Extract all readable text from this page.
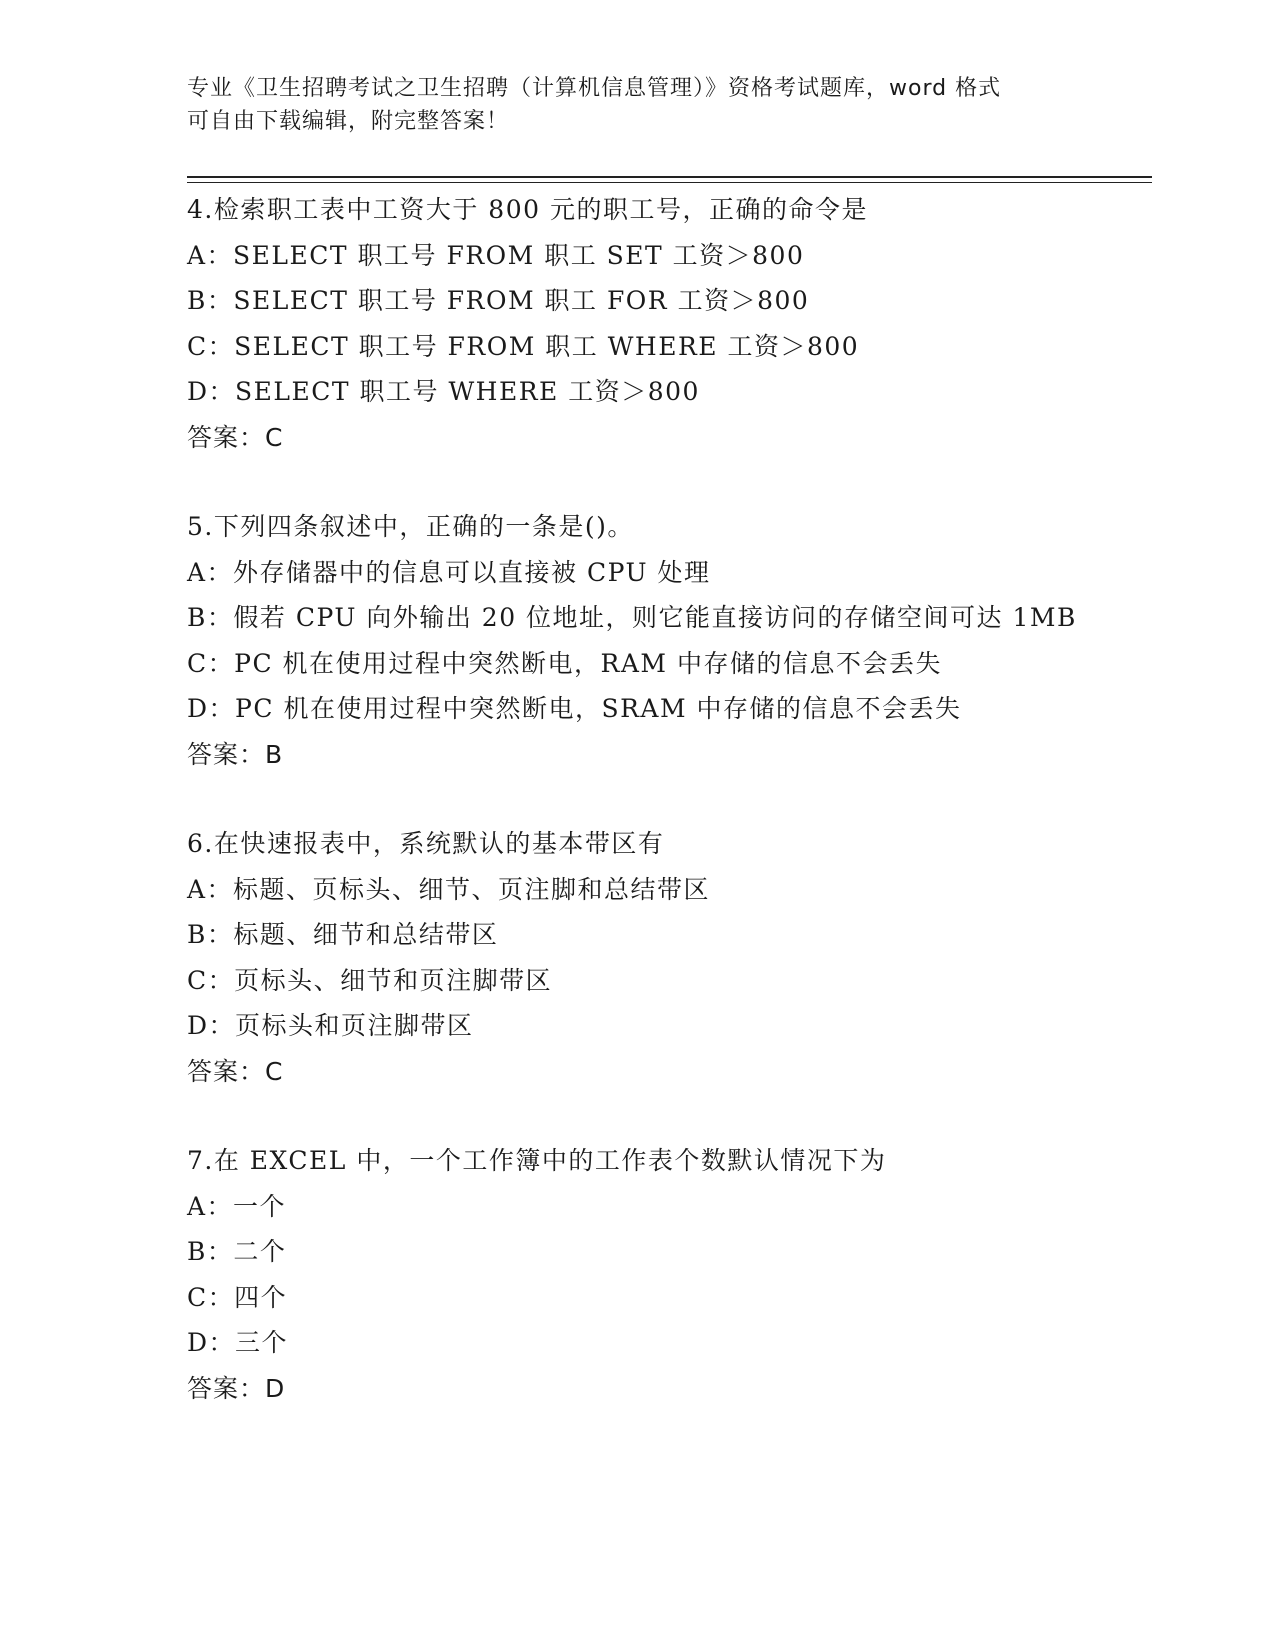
专业《卫生招聘考试之卫生招聘（计算机信息管理）》资格考试题库，word 格式

可自由下载编辑，附完整答案！

4.检索职工表中工资大于 800 元的职工号，正确的命令是
A：SELECT 职工号 FROM 职工 SET 工资＞800
B：SELECT 职工号 FROM 职工 FOR 工资＞800
C：SELECT 职工号 FROM 职工 WHERE 工资＞800
D：SELECT 职工号 WHERE 工资＞800
答案：C
5.下列四条叙述中，正确的一条是()。
A：外存储器中的信息可以直接被 CPU 处理
B：假若 CPU 向外输出 20 位地址，则它能直接访问的存储空间可达 1MB
C：PC 机在使用过程中突然断电，RAM 中存储的信息不会丢失
D：PC 机在使用过程中突然断电，SRAM 中存储的信息不会丢失
答案：B
6.在快速报表中，系统默认的基本带区有
A：标题、页标头、细节、页注脚和总结带区
B：标题、细节和总结带区
C：页标头、细节和页注脚带区
D：页标头和页注脚带区
答案：C
7.在 EXCEL 中，一个工作簿中的工作表个数默认情况下为
A：一个
B：二个
C：四个
D：三个
答案：D
